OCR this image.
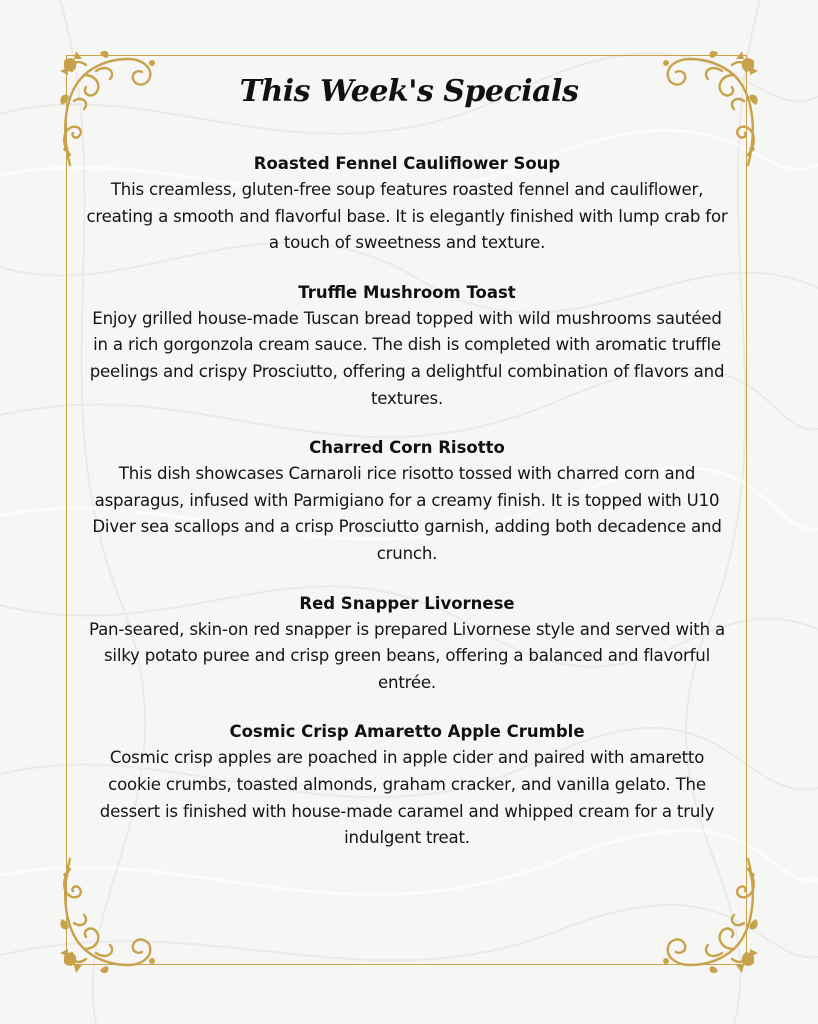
This Week's Specials

Roasted Fennel Cauliflower Soup

This creamless, gluten-free soup features roasted fennel and cauliflower, creating a smooth and flavorful base. It is elegantly finished with lump crab for a touch of sweetness and texture.

Truffle Mushroom Toast

Enjoy grilled house-made Tuscan bread topped with wild mushrooms sautéed in a rich gorgonzola cream sauce. The dish is completed with aromatic truffle peelings and crispy Prosciutto, offering a delightful combination of flavors and textures.

Charred Corn Risotto

This dish showcases Carnaroli rice risotto tossed with charred corn and asparagus, infused with Parmigiano for a creamy finish. It is topped with U10 Diver sea scallops and a crisp Prosciutto garnish, adding both decadence and crunch.

Red Snapper Livornese

Pan-seared, skin-on red snapper is prepared Livornese style and served with a silky potato puree and crisp green beans, offering a balanced and flavorful entrée.

Cosmic Crisp Amaretto Apple Crumble

Cosmic crisp apples are poached in apple cider and paired with amaretto cookie crumbs, toasted almonds, graham cracker, and vanilla gelato. The dessert is finished with house-made caramel and whipped cream for a truly indulgent treat.
